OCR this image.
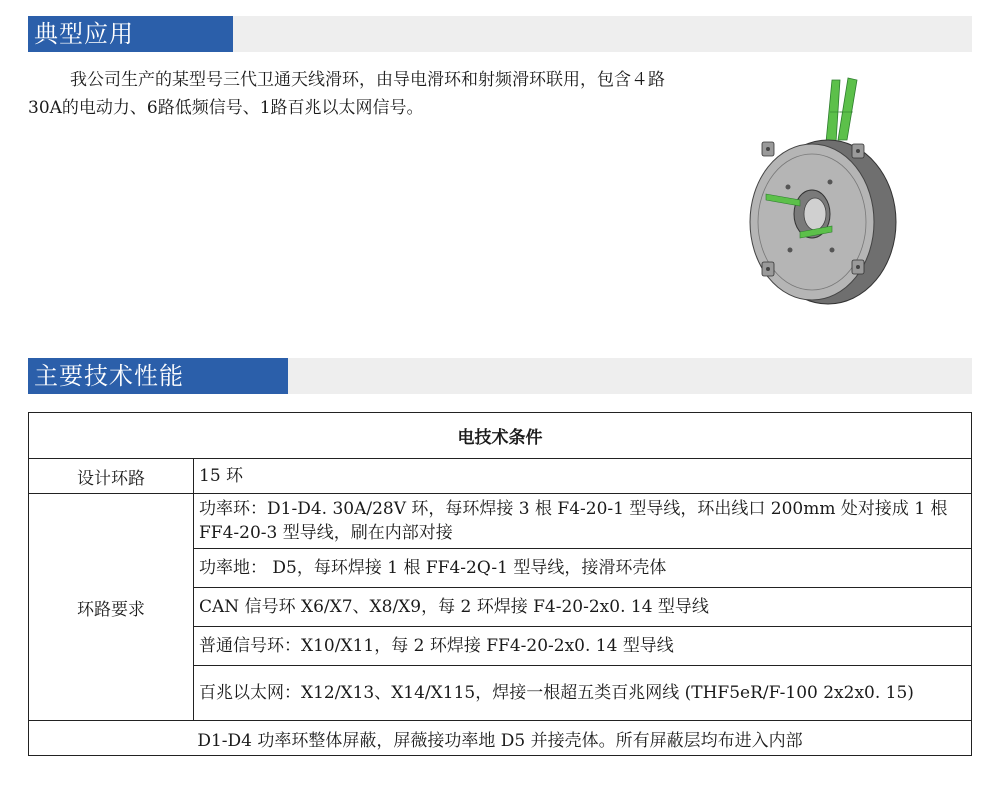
典型应用

我公司生产的某型号三代卫通天线滑环，由导电滑环和射频滑环联用，包含４路30A的电动力、6路低频信号、1路百兆以太网信号。

主要技术性能
电技术条件	
设计环路	15 环
环路要求	功率环：D1-D4. 30A/28V 环，每环焊接 3 根 F4-20-1 型导线，环出线口 200mm 处对接成 1 根 FF4-20-3 型导线，刷在内部对接
	功率地： D5，每环焊接 1 根 FF4-2Q-1 型导线，接滑环壳体
	CAN 信号环 X6/X7、X8/X9，每 2 环焊接 F4-20-2x0. 14 型导线
	普通信号环：X10/X11，每 2 环焊接 FF4-20-2x0. 14 型导线
	百兆以太网：X12/X13、X14/X115，焊接一根超五类百兆网线 (THF5eR/F-100 2x2x0. 15)
D1-D4 功率环整体屏蔽，屏薇接功率地 D5 并接壳体。所有屏蔽层均布进入内部	
